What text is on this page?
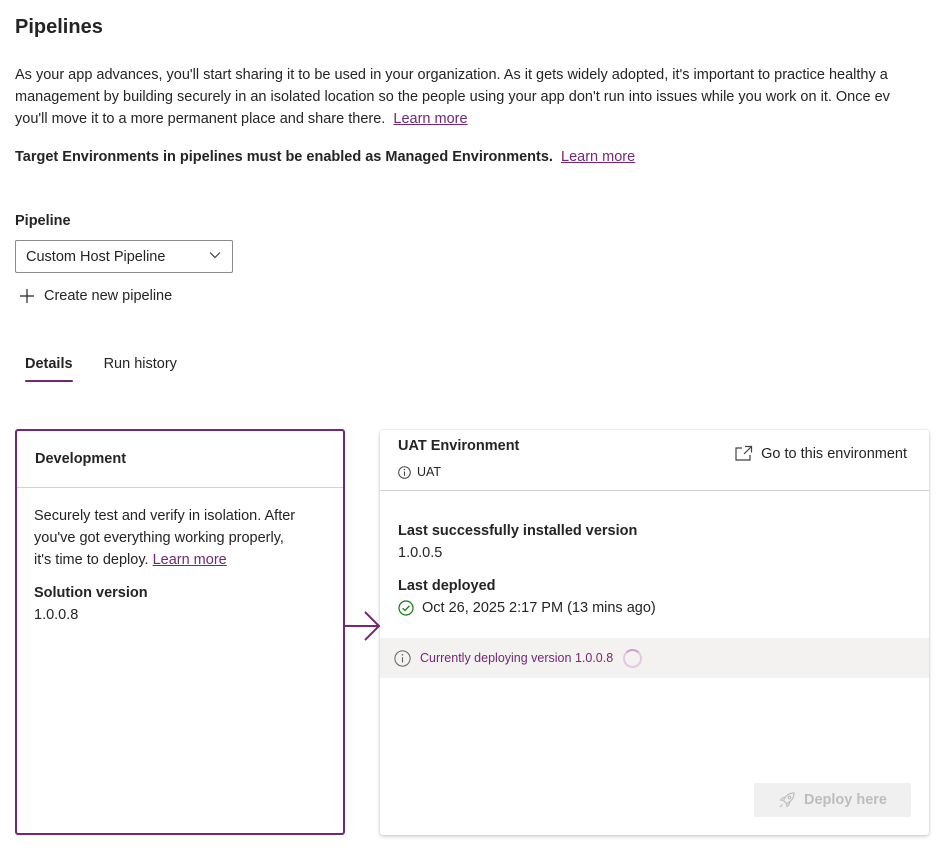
Pipelines
As your app advances, you'll start sharing it to be used in your organization. As it gets widely adopted, it's important to practice healthy a
management by building securely in an isolated location so the people using your app don't run into issues while you work on it. Once ev
you'll move it to a more permanent place and share there. Learn more
Target Environments in pipelines must be enabled as Managed Environments. Learn more
Pipeline
Custom Host Pipeline
Create new pipeline
Details	Run history
Development
Securely test and verify in isolation. After
you've got everything working properly,
it's time to deploy. Learn more
Solution version
1.0.0.8
UAT Environment
UAT
Go to this environment
Last successfully installed version
1.0.0.5
Last deployed
Oct 26, 2025 2:17 PM (13 mins ago)
Currently deploying version 1.0.0.8
Deploy here
